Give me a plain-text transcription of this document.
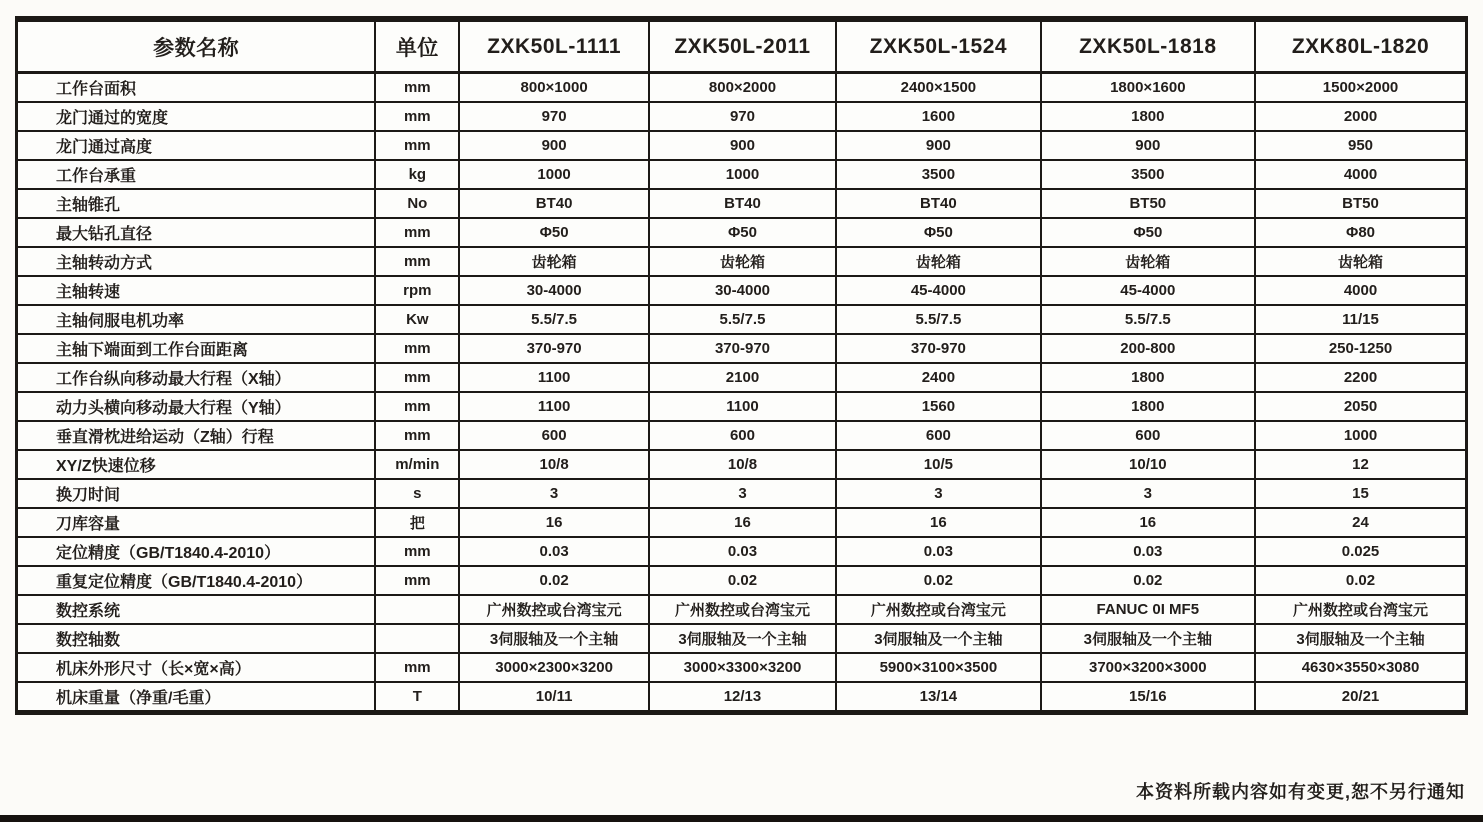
参数名称	单位	ZXK50L-1111	ZXK50L-2011	ZXK50L-1524	ZXK50L-1818	ZXK80L-1820
工作台面积	mm	800×1000	800×2000	2400×1500	1800×1600	1500×2000
龙门通过的宽度	mm	970	970	1600	1800	2000
龙门通过高度	mm	900	900	900	900	950
工作台承重	kg	1000	1000	3500	3500	4000
主轴锥孔	No	BT40	BT40	BT40	BT50	BT50
最大钻孔直径	mm	Φ50	Φ50	Φ50	Φ50	Φ80
主轴转动方式	mm	齿轮箱	齿轮箱	齿轮箱	齿轮箱	齿轮箱
主轴转速	rpm	30-4000	30-4000	45-4000	45-4000	4000
主轴伺服电机功率	Kw	5.5/7.5	5.5/7.5	5.5/7.5	5.5/7.5	11/15
主轴下端面到工作台面距离	mm	370-970	370-970	370-970	200-800	250-1250
工作台纵向移动最大行程（X轴）	mm	1100	2100	2400	1800	2200
动力头横向移动最大行程（Y轴）	mm	1100	1100	1560	1800	2050
垂直滑枕进给运动（Z轴）行程	mm	600	600	600	600	1000
XY/Z快速位移	m/min	10/8	10/8	10/5	10/10	12
换刀时间	s	3	3	3	3	15
刀库容量	把	16	16	16	16	24
定位精度（GB/T1840.4-2010）	mm	0.03	0.03	0.03	0.03	0.025
重复定位精度（GB/T1840.4-2010）	mm	0.02	0.02	0.02	0.02	0.02
数控系统		广州数控或台湾宝元	广州数控或台湾宝元	广州数控或台湾宝元	FANUC 0I MF5	广州数控或台湾宝元
数控轴数		3伺服轴及一个主轴	3伺服轴及一个主轴	3伺服轴及一个主轴	3伺服轴及一个主轴	3伺服轴及一个主轴
机床外形尺寸（长×宽×高）	mm	3000×2300×3200	3000×3300×3200	5900×3100×3500	3700×3200×3000	4630×3550×3080
机床重量（净重/毛重）	T	10/11	12/13	13/14	15/16	20/21
本资料所载内容如有变更,恕不另行通知
